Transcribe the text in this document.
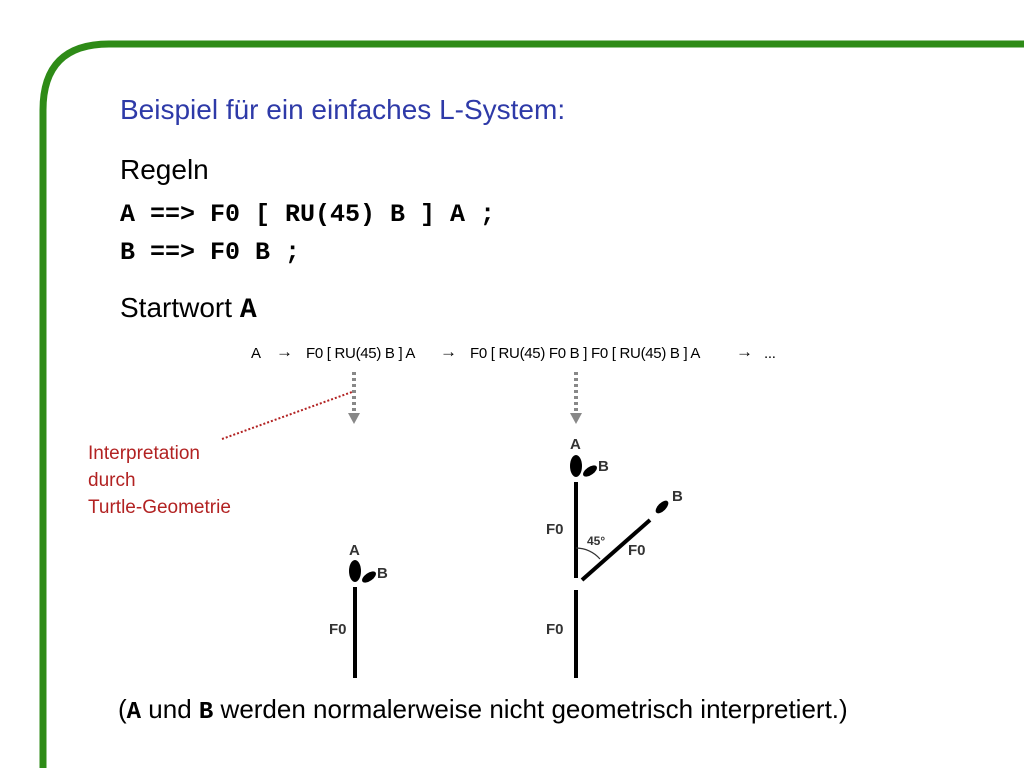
Beispiel für ein einfaches L-System:
Regeln
A ==> F0 [ RU(45) B ] A ;
B ==> F0 B ;
Startwort A
A → F0 [ RU(45) B ] A → F0 [ RU(45) F0 B ] F0 [ RU(45) B ] A → ...
Interpretation
durch
Turtle-Geometrie
A
B
F0
A
B
B
F0
F0
F0
45°
(A und B werden normalerweise nicht geometrisch interpretiert.)
